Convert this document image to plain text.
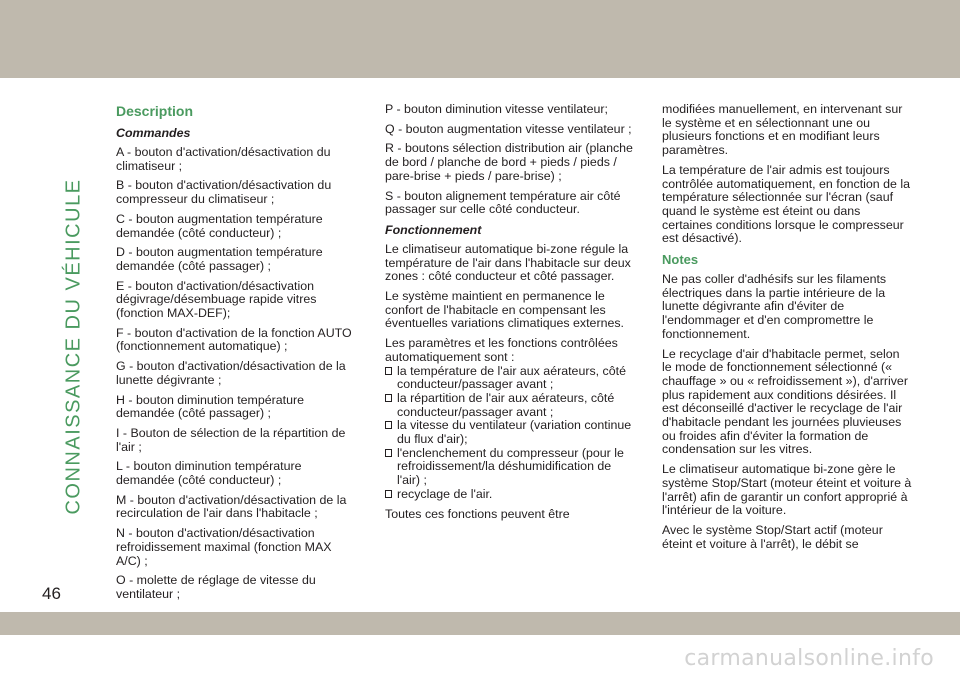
CONNAISSANCE DU VÉHICULE
Description
Commandes

A - bouton d'activation/désactivation du climatiseur ;

B - bouton d'activation/désactivation du compresseur du climatiseur ;

C - bouton augmentation température demandée (côté conducteur) ;

D - bouton augmentation température demandée (côté passager) ;

E - bouton d'activation/désactivation dégivrage/désembuage rapide vitres (fonction MAX-DEF);

F - bouton d'activation de la fonction AUTO (fonctionnement automatique) ;

G - bouton d'activation/désactivation de la lunette dégivrante ;

H - bouton diminution température demandée (côté passager) ;

I - Bouton de sélection de la répartition de l'air ;

L - bouton diminution température demandée (côté conducteur) ;

M - bouton d'activation/désactivation de la recirculation de l'air dans l'habitacle ;

N - bouton d'activation/désactivation refroidissement maximal (fonction MAX A/C) ;

O - molette de réglage de vitesse du ventilateur ;

P - bouton diminution vitesse ventilateur;

Q - bouton augmentation vitesse ventilateur ;

R - boutons sélection distribution air (planche de bord / planche de bord + pieds / pieds / pare-brise + pieds / pare-brise) ;

S - bouton alignement température air côté passager sur celle côté conducteur.

Fonctionnement

Le climatiseur automatique bi-zone régule la température de l'air dans l'habitacle sur deux zones : côté conducteur et côté passager.

Le système maintient en permanence le confort de l'habitacle en compensant les éventuelles variations climatiques externes.

Les paramètres et les fonctions contrôlées automatiquement sont :

la température de l'air aux aérateurs, côté conducteur/passager avant ;
la répartition de l'air aux aérateurs, côté conducteur/passager avant ;
la vitesse du ventilateur (variation continue du flux d'air);
l'enclenchement du compresseur (pour le refroidissement/la déshumidification de l'air) ;
recyclage de l'air.

Toutes ces fonctions peuvent être

modifiées manuellement, en intervenant sur le système et en sélectionnant une ou plusieurs fonctions et en modifiant leurs paramètres.

La température de l'air admis est toujours contrôlée automatiquement, en fonction de la température sélectionnée sur l'écran (sauf quand le système est éteint ou dans certaines conditions lorsque le compresseur est désactivé).

Notes

Ne pas coller d'adhésifs sur les filaments électriques dans la partie intérieure de la lunette dégivrante afin d'éviter de l'endommager et d'en compromettre le fonctionnement.

Le recyclage d'air d'habitacle permet, selon le mode de fonctionnement sélectionné (« chauffage » ou « refroidissement »), d'arriver plus rapidement aux conditions désirées. Il est déconseillé d'activer le recyclage de l'air d'habitacle pendant les journées pluvieuses ou froides afin d'éviter la formation de condensation sur les vitres.

Le climatiseur automatique bi-zone gère le système Stop/Start (moteur éteint et voiture à l'arrêt) afin de garantir un confort approprié à l'intérieur de la voiture.

Avec le système Stop/Start actif (moteur éteint et voiture à l'arrêt), le débit se

46
carmanualsonline.info
